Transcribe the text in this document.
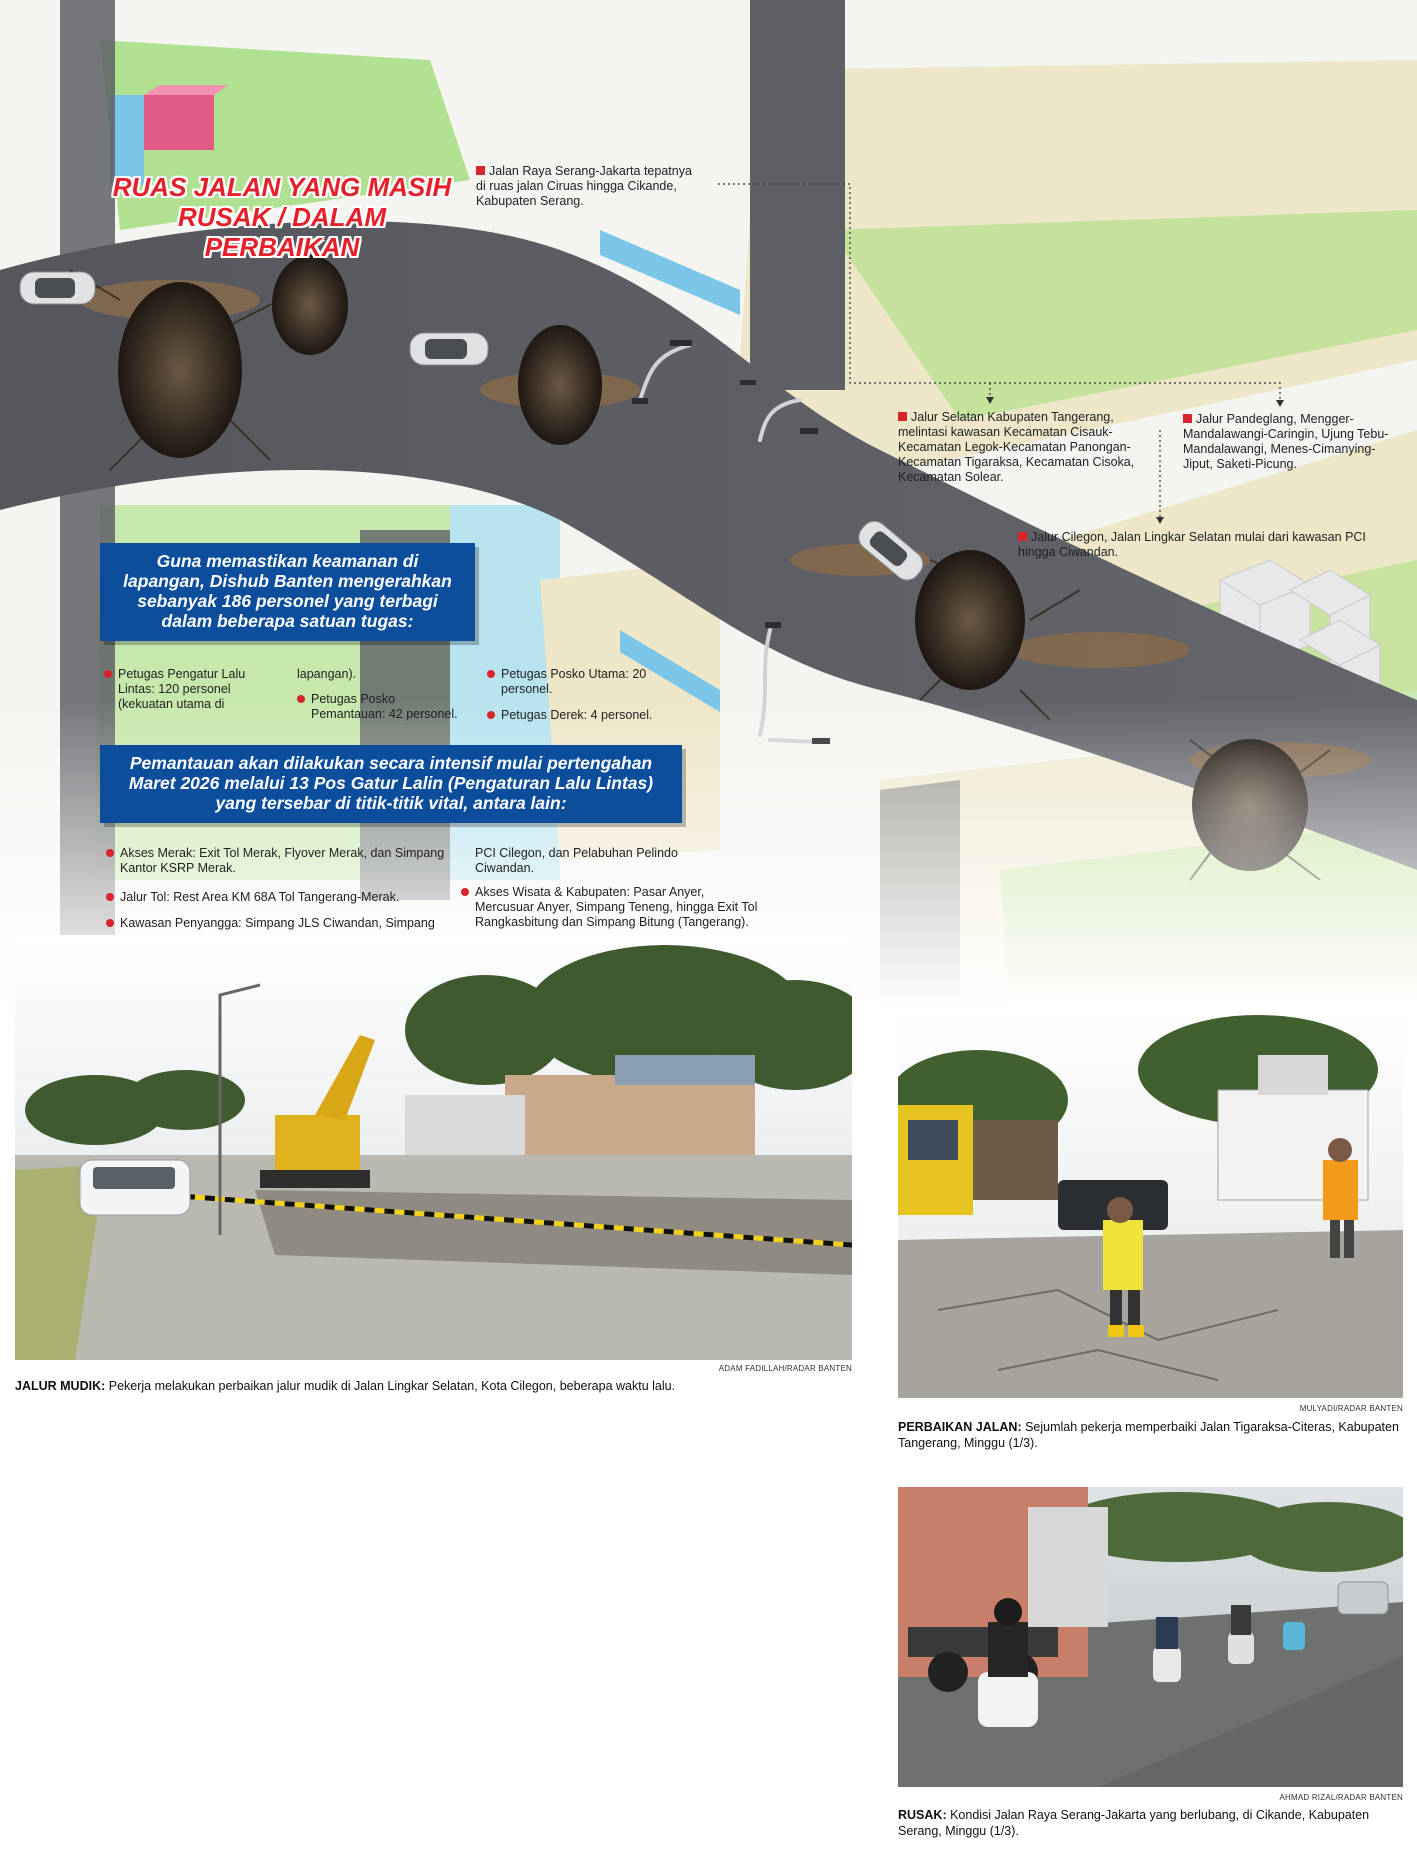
RUAS JALAN YANG MASIH
RUSAK / DALAM PERBAIKAN
Jalan Raya Serang-Jakarta tepatnya di ruas jalan Ciruas hingga Cikande, Kabupaten Serang.
Jalur Selatan Kabupaten Tangerang, melintasi kawasan Kecamatan Cisauk-Kecamatan Legok-Kecamatan Panongan-Kecamatan Tigaraksa, Kecamatan Cisoka, Kecamatan Solear.
Jalur Pandeglang, Mengger-Mandalawangi-Caringin, Ujung Tebu-Mandalawangi, Menes-Cimanying-Jiput, Saketi-Picung.
Jalur Cilegon, Jalan Lingkar Selatan mulai dari kawasan PCI hingga Ciwandan.
Guna memastikan keamanan di lapangan, Dishub Banten mengerahkan sebanyak 186 personel yang terbagi dalam beberapa satuan tugas:
Petugas Pengatur Lalu Lintas: 120 personel (kekuatan utama di
lapangan).
Petugas Posko Pemantauan: 42 personel.
Petugas Posko Utama: 20 personel.
Petugas Derek: 4 personel.
Pemantauan akan dilakukan secara intensif mulai pertengahan Maret 2026 melalui 13 Pos Gatur Lalin (Pengaturan Lalu Lintas) yang tersebar di titik-titik vital, antara lain:
Akses Merak: Exit Tol Merak, Flyover Merak, dan Simpang Kantor KSRP Merak.
Jalur Tol: Rest Area KM 68A Tol Tangerang-Merak.
Kawasan Penyangga: Simpang JLS Ciwandan, Simpang
PCI Cilegon, dan Pelabuhan Pelindo Ciwandan.
Akses Wisata & Kabupaten: Pasar Anyer, Mercusuar Anyer, Simpang Teneng, hingga Exit Tol Rangkasbitung dan Simpang Bitung (Tangerang).
ADAM FADILLAH/RADAR BANTEN
JALUR MUDIK: Pekerja melakukan perbaikan jalur mudik di Jalan Lingkar Selatan, Kota Cilegon, beberapa waktu lalu.
MULYADI/RADAR BANTEN
PERBAIKAN JALAN: Sejumlah pekerja memperbaiki Jalan Tigaraksa-Citeras, Kabupaten Tangerang, Minggu (1/3).
AHMAD RIZAL/RADAR BANTEN
RUSAK: Kondisi Jalan Raya Serang-Jakarta yang berlubang, di Cikande, Kabupaten Serang, Minggu (1/3).
